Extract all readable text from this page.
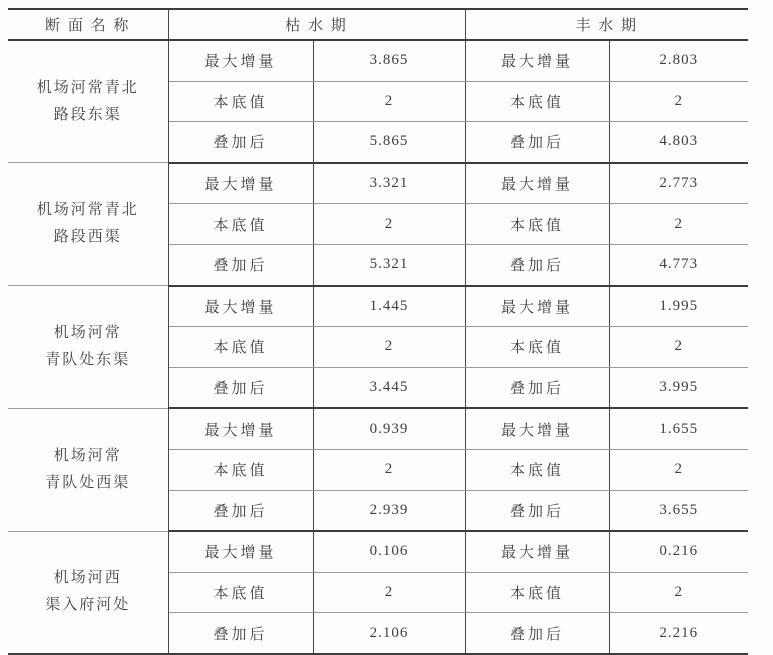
断 面 名 称	枯 水 期		丰 水 期	

机场河常青北
路段东渠	最大增量	3.865	最大增量	2.803
	本底值	2	本底值	2
	叠加后	5.865	叠加后	4.803

机场河常青北
路段西渠	最大增量	3.321	最大增量	2.773
	本底值	2	本底值	2
	叠加后	5.321	叠加后	4.773

机场河常
青队处东渠	最大增量	1.445	最大增量	1.995
	本底值	2	本底值	2
	叠加后	3.445	叠加后	3.995

机场河常
青队处西渠	最大增量	0.939	最大增量	1.655
	本底值	2	本底值	2
	叠加后	2.939	叠加后	3.655

机场河西
渠入府河处	最大增量	0.106	最大增量	0.216
	本底值	2	本底值	2
	叠加后	2.106	叠加后	2.216
